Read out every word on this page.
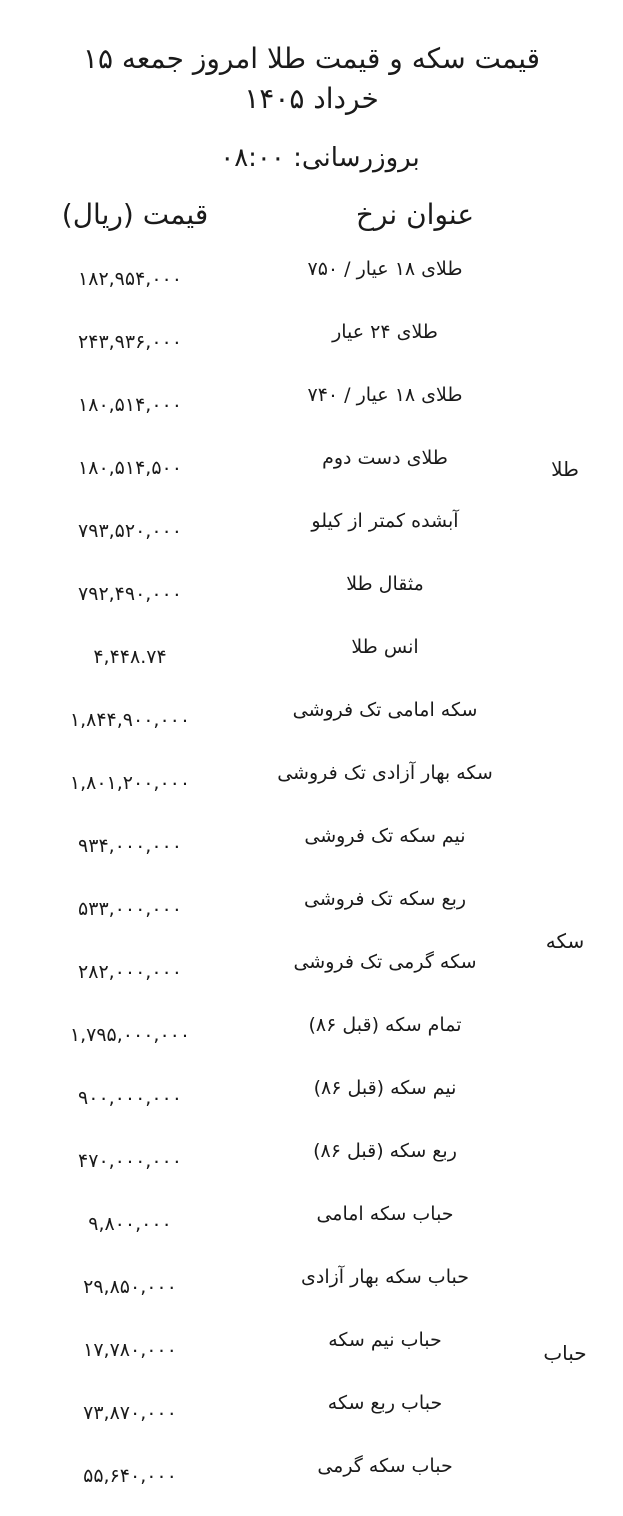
قیمت سکه و قیمت طلا امروز جمعه ۱۵
خرداد ۱۴۰۵
بروزرسانی: ۰۸:۰۰
عنوان نرخ
قیمت (ریال)
طلا
سکه
حباب
طلای ۱۸ عیار / ۷۵۰
۱۸۲,۹۵۴,۰۰۰
طلای ۲۴ عیار
۲۴۳,۹۳۶,۰۰۰
طلای ۱۸ عیار / ۷۴۰
۱۸۰,۵۱۴,۰۰۰
طلای دست دوم
۱۸۰,۵۱۴,۵۰۰
آبشده کمتر از کیلو
۷۹۳,۵۲۰,۰۰۰
مثقال طلا
۷۹۲,۴۹۰,۰۰۰
انس طلا
۴,۴۴۸.۷۴
سکه امامی تک فروشی
۱,۸۴۴,۹۰۰,۰۰۰
سکه بهار آزادی تک فروشی
۱,۸۰۱,۲۰۰,۰۰۰
نیم سکه تک فروشی
۹۳۴,۰۰۰,۰۰۰
ربع سکه تک فروشی
۵۳۳,۰۰۰,۰۰۰
سکه گرمی تک فروشی
۲۸۲,۰۰۰,۰۰۰
تمام سکه (قبل ۸۶)
۱,۷۹۵,۰۰۰,۰۰۰
نیم سکه (قبل ۸۶)
۹۰۰,۰۰۰,۰۰۰
ربع سکه (قبل ۸۶)
۴۷۰,۰۰۰,۰۰۰
حباب سکه امامی
۹,۸۰۰,۰۰۰
حباب سکه بهار آزادی
۲۹,۸۵۰,۰۰۰
حباب نیم سکه
۱۷,۷۸۰,۰۰۰
حباب ربع سکه
۷۳,۸۷۰,۰۰۰
حباب سکه گرمی
۵۵,۶۴۰,۰۰۰
